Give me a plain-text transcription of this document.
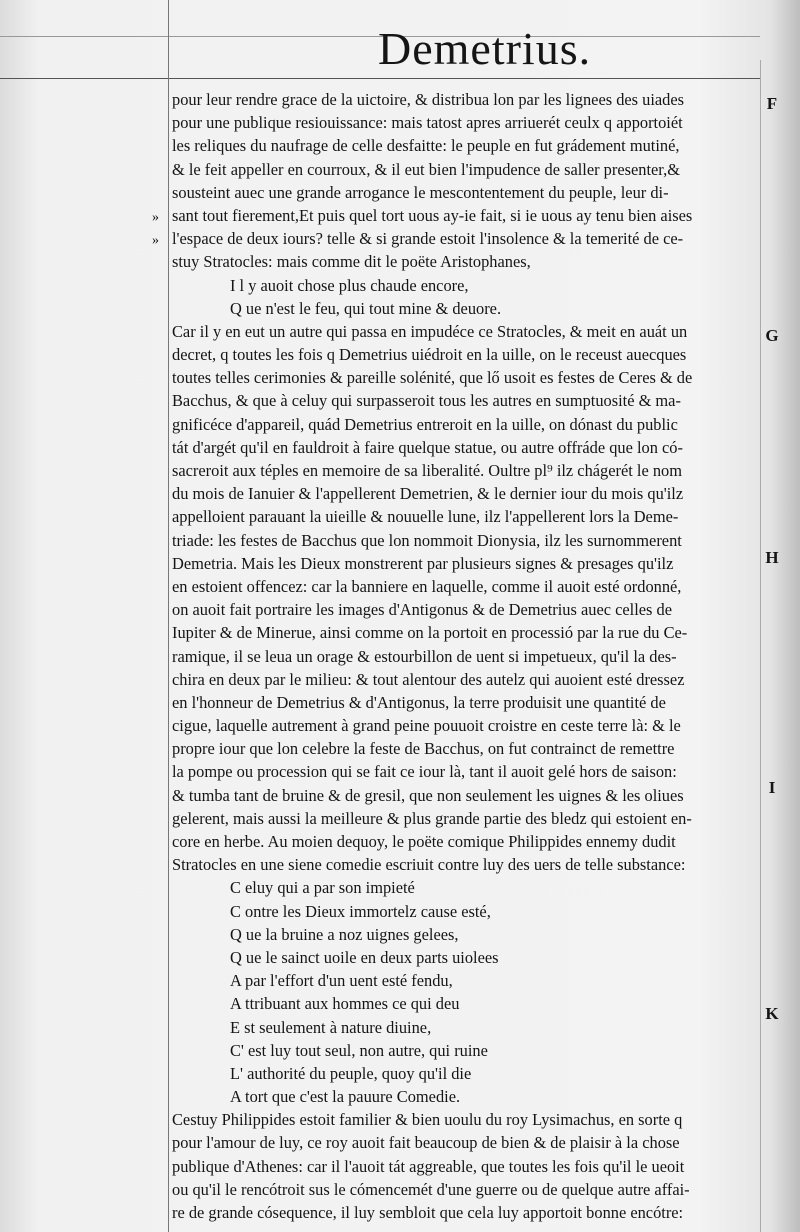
Demetrius.
»
»
F
G
H
I
K
pour leur rendre grace de la uictoire, & distribua lon par les lignees des uiades
pour une publique resiouissance: mais tatost apres arriuerét ceulx q apportoiét
les reliques du naufrage de celle desfaitte: le peuple en fut grádement mutiné,
& le feit appeller en courroux, & il eut bien l'impudence de saller presenter,&
sousteint auec une grande arrogance le mescontentement du peuple, leur di-
sant tout fierement,Et puis quel tort uous ay-ie fait, si ie uous ay tenu bien aises
l'espace de deux iours? telle & si grande estoit l'insolence & la temerité de ce-
stuy Stratocles: mais comme dit le poëte Aristophanes,
I l y auoit chose plus chaude encore,
Q ue n'est le feu, qui tout mine & deuore.
Car il y en eut un autre qui passa en impudéce ce Stratocles, & meit en auát un
decret, q toutes les fois q Demetrius uiédroit en la uille, on le receust auecques
toutes telles cerimonies & pareille solénité, que lő usoit es festes de Ceres & de
Bacchus, & que à celuy qui surpasseroit tous les autres en sumptuosité & ma-
gnificéce d'appareil, quád Demetrius entreroit en la uille, on dónast du public
tát d'argét qu'il en fauldroit à faire quelque statue, ou autre offráde que lon có-
sacreroit aux téples en memoire de sa liberalité. Oultre pl⁹ ilz chágerét le nom
du mois de Ianuier & l'appellerent Demetrien, & le dernier iour du mois qu'ilz
appelloient parauant la uieille & nouuelle lune, ilz l'appellerent lors la Deme-
triade: les festes de Bacchus que lon nommoit Dionysia, ilz les surnommerent
Demetria. Mais les Dieux monstrerent par plusieurs signes & presages qu'ilz
en estoient offencez: car la banniere en laquelle, comme il auoit esté ordonné,
on auoit fait portraire les images d'Antigonus & de Demetrius auec celles de
Iupiter & de Minerue, ainsi comme on la portoit en processió par la rue du Ce-
ramique, il se leua un orage & estourbillon de uent si impetueux, qu'il la des-
chira en deux par le milieu: & tout alentour des autelz qui auoient esté dressez
en l'honneur de Demetrius & d'Antigonus, la terre produisit une quantité de
cigue, laquelle autrement à grand peine pouuoit croistre en ceste terre là: & le
propre iour que lon celebre la feste de Bacchus, on fut contrainct de remettre
la pompe ou procession qui se fait ce iour là, tant il auoit gelé hors de saison:
& tumba tant de bruine & de gresil, que non seulement les uignes & les oliues
gelerent, mais aussi la meilleure & plus grande partie des bledz qui estoient en-
core en herbe. Au moien dequoy, le poëte comique Philippides ennemy dudit
Stratocles en une siene comedie escriuit contre luy des uers de telle substance:
C eluy qui a par son impieté
C ontre les Dieux immortelz cause esté,
Q ue la bruine a noz uignes gelees,
Q ue le sainct uoile en deux parts uiolees
A par l'effort d'un uent esté fendu,
A ttribuant aux hommes ce qui deu
E st seulement à nature diuine,
C' est luy tout seul, non autre, qui ruine
L' authorité du peuple, quoy qu'il die
A tort que c'est la pauure Comedie.
Cestuy Philippides estoit familier & bien uoulu du roy Lysimachus, en sorte q
pour l'amour de luy, ce roy auoit fait beaucoup de bien & de plaisir à la chose
publique d'Athenes: car il l'auoit tát aggreable, que toutes les fois qu'il le ueoit
ou qu'il le rencótroit sus le cómencemét d'une guerre ou de quelque autre affai-
re de grande cósequence, il luy sembloit que cela luy apportoit bonne encótre:
